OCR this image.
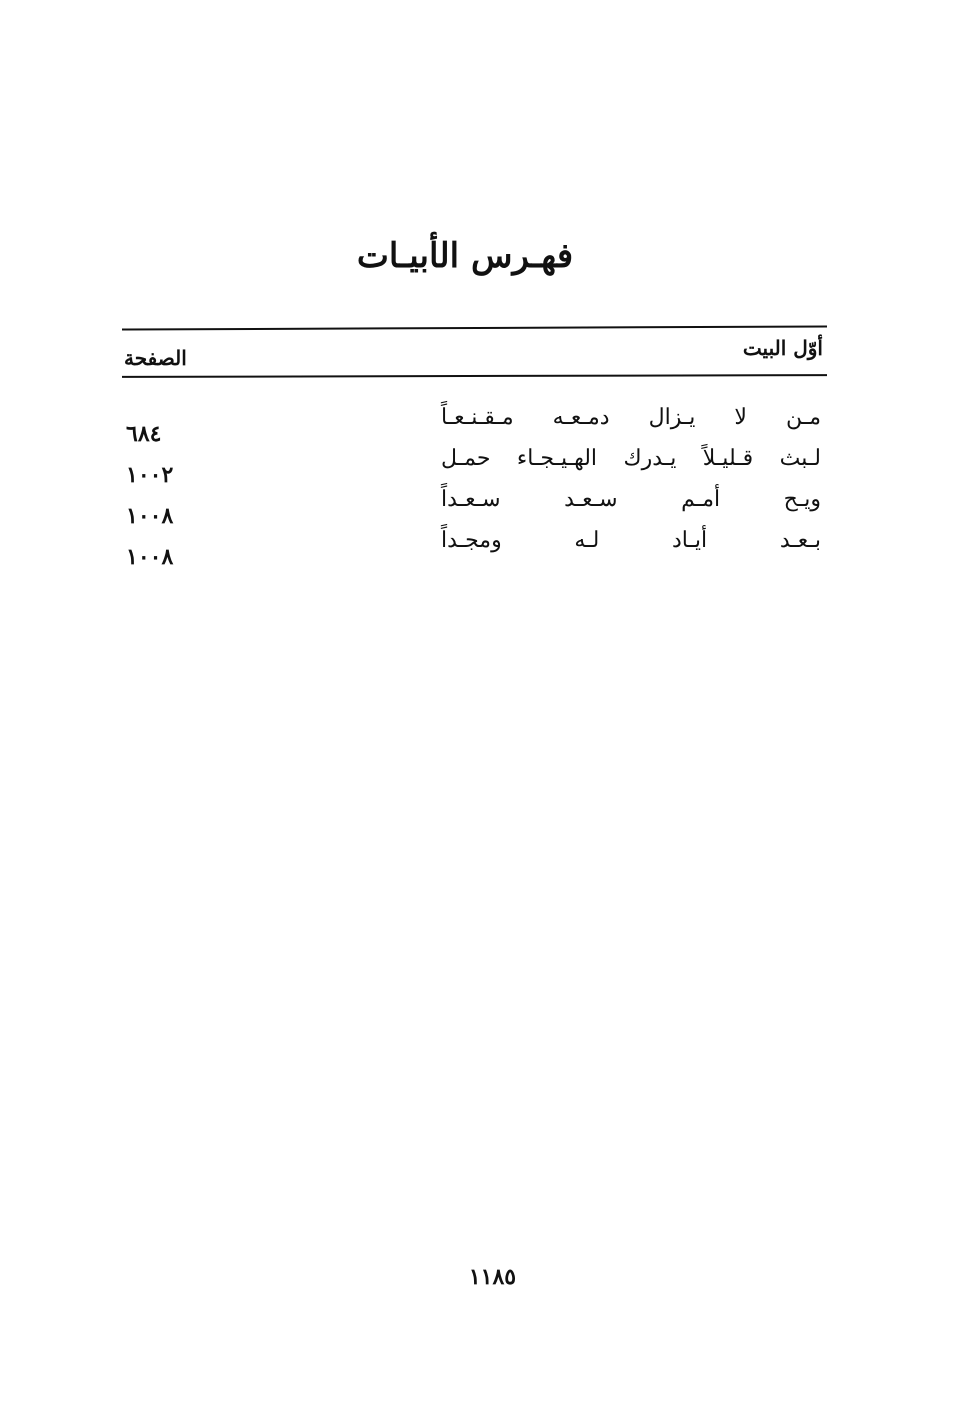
فهـرس الأبيـات
أوّل البيت
الصفحة
مـن لا يـزال دمـعـه مـقـنـعـاً
٦٨٤
لـبث قـليـلاً يـدرك الهـيـجـاء حمـل
١٠٠٢
ويـح أمـم سـعـد سـعـداً
١٠٠٨
بـعـد أيـاد لـه ومجـداً
١٠٠٨
١١٨٥
